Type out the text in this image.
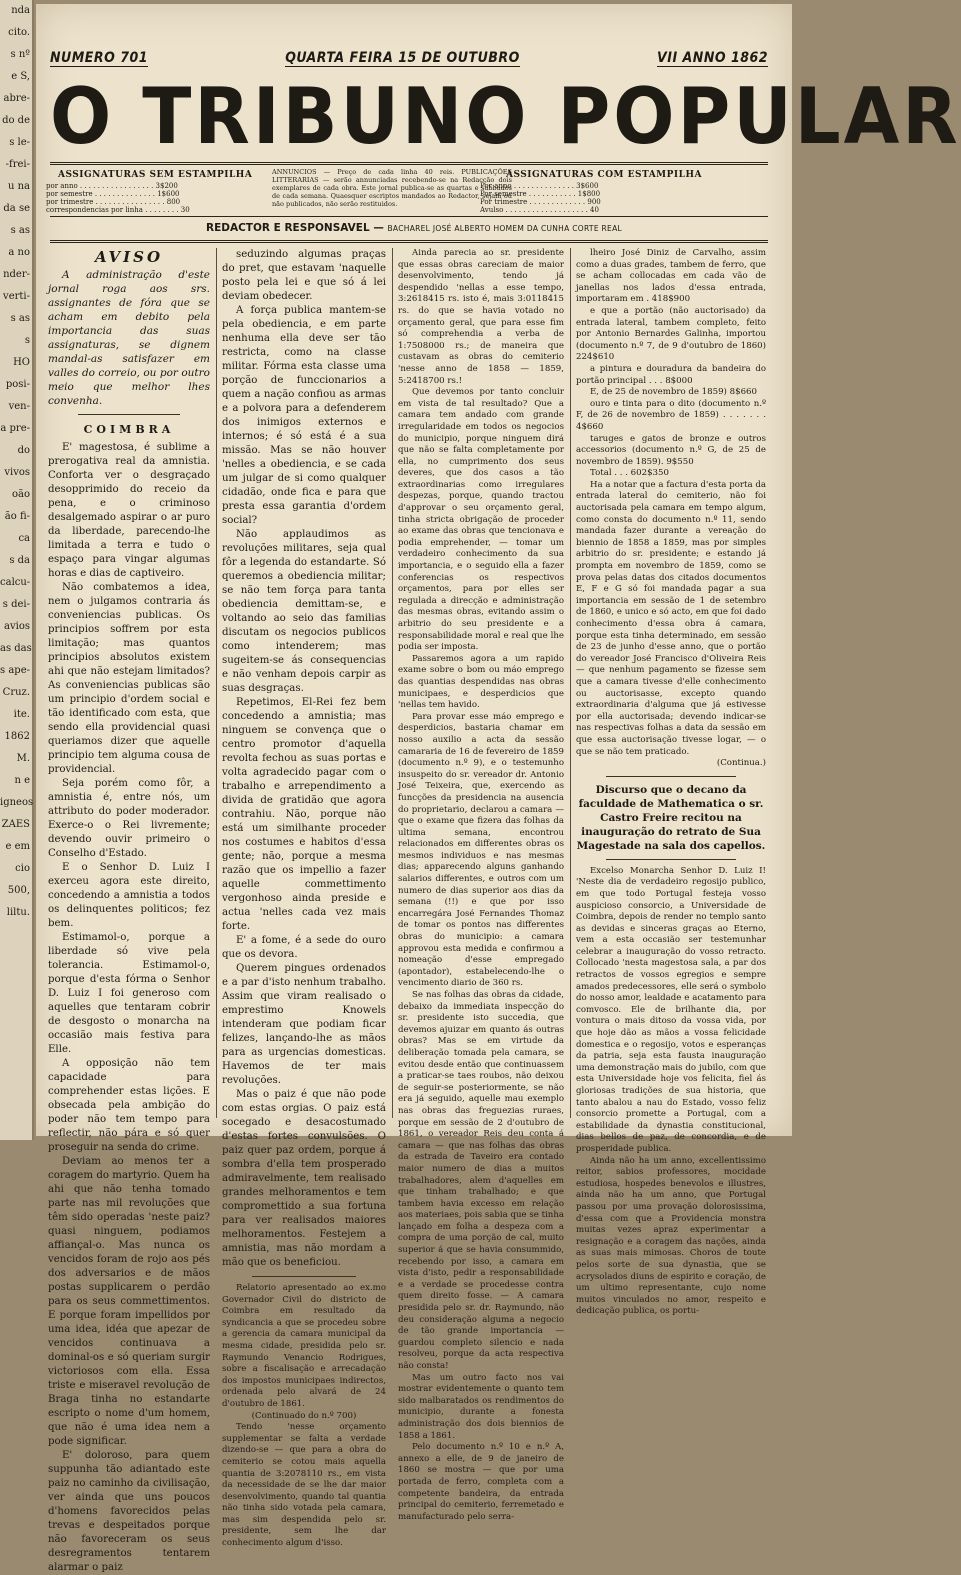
nda
cito.
s nº
e S,
abre-
do de
s le-
-frei-
u na
da se
s as
a no
nder-
verti-
s as
s
HO
posi-
ven-
a pre-
do
vivos
oão
ão fi-
ca
s da
calcu-
s dei-
avios
as das
s ape-
Cruz.
ite.
1862
M.
n e
igneos
ZAES
e em
cio
500,
liltu.
NUMERO 701	QUARTA FEIRA 15 DE OUTUBRO	VII ANNO 1862
O TRIBUNO POPULAR
ASSIGNATURAS SEM ESTAMPILHA
por anno . . . . . . . . . . . . . . . . . 3$200
por semestre . . . . . . . . . . . . . . 1$600
por trimestre . . . . . . . . . . . . . . . . 800
correspondencias por linha . . . . . . . . 30
ANNUNCIOS — Preço de cada linha 40 reis. PUBLICAÇÕES LITTERARIAS — serão annunciadas recebendo-se na Redacção dois exemplares de cada obra. Este jornal publica-se as quartas e sabbados de cada semana. Quaesquer escriptos mandados ao Redactor, sejam ou não publicados, não serão restituidos.
ASSIGNATURAS COM ESTAMPILHA
Por anno . . . . . . . . . . . . . . 3$600
Por semestre . . . . . . . . . . . 1$800
Por trimestre . . . . . . . . . . . . . 900
Avulso . . . . . . . . . . . . . . . . . . . 40
REDACTOR E RESPONSAVEL — BACHAREL JOSÉ ALBERTO HOMEM DA CUNHA CORTE REAL
AVISO

A administração d'este jornal roga aos srs. assignantes de fóra que se acham em debito pela importancia das suas assignaturas, se dignem mandal-as satisfazer em valles do correio, ou por outro meio que melhor lhes convenha.

COIMBRA

E' magestosa, é sublime a prerogativa real da amnistia. Conforta ver o desgraçado desopprimido do receio da pena, e o criminoso desalgemado aspirar o ar puro da liberdade, parecendo-lhe limitada a terra e tudo o espaço para vingar algumas horas e dias de captiveiro.

Não combatemos a idea, nem o julgamos contraria ás conveniencias publicas. Os principios soffrem por esta limitação; mas quantos principios absolutos existem ahi que não estejam limitados? As conveniencias publicas são um principio d'ordem social e tão identificado com esta, que sendo ella providencial quasi queriamos dizer que aquelle principio tem alguma cousa de providencial.

Seja porém como fôr, a amnistia é, entre nós, um attributo do poder moderador. Exerce-o o Rei livremente; devendo ouvir primeiro o Conselho d'Estado.

E o Senhor D. Luiz I exerceu agora este direito, concedendo a amnistia a todos os delinquentes politicos; fez bem.

Estimamol-o, porque a liberdade só vive pela tolerancia. Estimamol-o, porque d'esta fórma o Senhor D. Luiz I foi generoso com aquelles que tentaram cobrir de desgosto o monarcha na occasião mais festiva para Elle.

A opposição não tem capacidade para comprehender estas lições. E obsecada pela ambição do poder não tem tempo para reflectir, não pára e só quer proseguir na senda do crime.

Deviam ao menos ter a coragem do martyrio. Quem ha ahi que não tenha tomado parte nas mil revoluções que têm sido operadas 'neste paiz? quasi ninguem, podiamos affiançal-o. Mas nunca os vencidos foram de rojo aos pés dos adversarios e de mãos postas supplicarem o perdão para os seus commettimentos. E porque foram impellidos por uma idea, idéa que apezar de vencidos continuava a dominal-os e só queriam surgir victoriosos com ella. Essa triste e miseravel revolução de Braga tinha no estandarte escripto o nome d'um homem, que não é uma idea nem a pode significar.

E' doloroso, para quem suppunha tão adiantado este paiz no caminho da civilisação, ver ainda que uns poucos d'homens favorecidos pelas trevas e despeitados porque não favoreceram os seus desregramentos tentarem alarmar o paiz

seduzindo algumas praças do pret, que estavam 'naquelle posto pela lei e que só á lei deviam obedecer.

A força publica mantem-se pela obediencia, e em parte nenhuma ella deve ser tão restricta, como na classe militar. Fórma esta classe uma porção de funccionarios a quem a nação confiou as armas e a polvora para a defenderem dos inimigos externos e internos; é só está é a sua missão. Mas se não houver 'nelles a obediencia, e se cada um julgar de si como qualquer cidadão, onde fica e para que presta essa garantia d'ordem social?

Não applaudimos as revoluções militares, seja qual fôr a legenda do estandarte. Só queremos a obediencia militar; se não tem força para tanta obediencia demittam-se, e voltando ao seio das familias discutam os negocios publicos como intenderem; mas sugeitem-se ás consequencias e não venham depois carpir as suas desgraças.

Repetimos, El-Rei fez bem concedendo a amnistia; mas ninguem se convença que o centro promotor d'aquella revolta fechou as suas portas e volta agradecido pagar com o trabalho e arrependimento a divida de gratidão que agora contrahiu. Não, porque não está um similhante proceder nos costumes e habitos d'essa gente; não, porque a mesma razão que os impellio a fazer aquelle commettimento vergonhoso ainda preside e actua 'nelles cada vez mais forte.

E' a fome, é a sede do ouro que os devora.

Querem pingues ordenados e a par d'isto nenhum trabalho. Assim que viram realisado o emprestimo Knowels intenderam que podiam ficar felizes, lançando-lhe as mãos para as urgencias domesticas. Havemos de ter mais revoluções.

Mas o paiz é que não pode com estas orgias. O paiz está socegado e desacostumado d'estas fortes convulsões. O paiz quer paz ordem, porque á sombra d'ella tem prosperado admiravelmente, tem realisado grandes melhoramentos e tem compromettido a sua fortuna para ver realisados maiores melhoramentos. Festejem a amnistia, mas não mordam a mão que os beneficiou.

Relatorio apresentado ao ex.mo Governador Civil do districto de Coimbra em resultado da syndicancia a que se procedeu sobre a gerencia da camara municipal da mesma cidade, presidida pelo sr. Raymundo Venancio Rodrigues, sobre a fiscalisação e arrecadação dos impostos municipaes indirectos, ordenada pelo alvará de 24 d'outubro de 1861.

(Continuado do n.º 700)

Tendo 'nesse orçamento supplementar se falta a verdade dizendo-se — que para a obra do cemiterio se cotou mais aquella quantia de 3:2078110 rs., em vista da necessidade de se lhe dar maior desenvolvimento, quando tal quantia não tinha sido votada pela camara, mas sim despendida pelo sr. presidente, sem lhe dar conhecimento algum d'isso.

Ainda parecia ao sr. presidente que essas obras careciam de maior desenvolvimento, tendo já despendido 'nellas a esse tempo, 3:2618415 rs. isto é, mais 3:0118415 rs. do que se havia votado no orçamento geral, que para esse fim só comprehendia a verba de 1:7508000 rs.; de maneira que custavam as obras do cemiterio 'nesse anno de 1858 — 1859, 5:2418700 rs.!

Que devemos por tanto concluir em vista de tal resultado? Que a camara tem andado com grande irregularidade em todos os negocios do municipio, porque ninguem dirá que não se falta completamente por ella, no cumprimento dos seus deveres, que dos casos a tão extraordinarias como irregulares despezas, porque, quando tractou d'approvar o seu orçamento geral, tinha stricta obrigação de proceder ao exame das obras que tencionava e podia emprehender, — tomar um verdadeiro conhecimento da sua importancia, e o seguido ella a fazer conferencias os respectivos orçamentos, para por elles ser regulada a direcção e administração das mesmas obras, evitando assim o arbitrio do seu presidente e a responsabilidade moral e real que lhe podia ser imposta.

Passaremos agora a um rapido exame sobre o bom ou máo emprego das quantias despendidas nas obras municipaes, e desperdicios que 'nellas tem havido.

Para provar esse máo emprego e desperdicios, bastaria chamar em nosso auxilio a acta da sessão camararia de 16 de fevereiro de 1859 (documento n.º 9), e o testemunho insuspeito do sr. vereador dr. Antonio José Teixeira, que, exercendo as funcções da presidencia na ausencia do proprietario, declarou a camara — que o exame que fizera das folhas da ultima semana, encontrou relacionados em differentes obras os mesmos individuos e nas mesmas dias; apparecendo alguns ganhando salarios differentes, e outros com um numero de dias superior aos dias da semana (!!) e que por isso encarregára José Fernandes Thomaz de tomar os pontos nas differentes obras do municipio: a camara approvou esta medida e confirmou a nomeação d'esse empregado (apontador), estabelecendo-lhe o vencimento diario de 360 rs.

Se nas folhas das obras da cidade, debaixo da immediata inspecção do sr. presidente isto succedia, que devemos ajuizar em quanto ás outras obras? Mas se em virtude da deliberação tomada pela camara, se evitou desde então que continuassem a praticar-se taes roubos, não deixou de seguir-se posteriormente, se não era já seguido, aquelle mau exemplo nas obras das freguezias ruraes, porque em sessão de 2 d'outubro de 1861, o vereador Reis deu conta á camara — que nas folhas das obras da estrada de Taveiro era contado maior numero de dias a muitos trabalhadores, alem d'aquelles em que tinham trabalhado; e que tambem havia excesso em relação aos materiaes, pois sabia que se tinha lançado em folha a despeza com a compra de uma porção de cal, muito superior á que se havia consummido, recebendo por isso, a camara em vista d'isto, pedir a responsabilidade e a verdade se procedesse contra quem direito fosse. — A camara presidida pelo sr. dr. Raymundo, não deu consideração alguma a negocio de tão grande importancia — guardou completo silencio e nada resolveu, porque da acta respectiva não consta!

Mas um outro facto nos vai mostrar evidentemente o quanto tem sido malbaratados os rendimentos do municipio, durante a fonesta administração dos dois biennios de 1858 a 1861.

Pelo documento n.º 10 e n.º A, annexo a elle, de 9 de janeiro de 1860 se mostra — que por uma portada de ferro, completa com a competente bandeira, da entrada principal do cemiterio, ferremetado e manufacturado pelo serra-

lheiro José Diniz de Carvalho, assim como a duas grades, tambem de ferro, que se acham collocadas em cada vão de janellas nos lados d'essa entrada, importaram em . 418$900

e que a portão (não auctorisado) da entrada lateral, tambem completo, feito por Antonio Bernardes Galinha, importou (documento n.º 7, de 9 d'outubro de 1860) 224$610

a pintura e douradura da bandeira do portão principal . . . 8$000

E, de 25 de novembro de 1859) 8$660

ouro e tinta para o dito (documento n.º F, de 26 de novembro de 1859) . . . . . . . 4$660

taruges e gatos de bronze e outros accessorios (documento n.º G, de 25 de novembro de 1859). 9$550

Total . . . 602$350

Ha a notar que a factura d'esta porta da entrada lateral do cemiterio, não foi auctorisada pela camara em tempo algum, como consta do documento n.º 11, sendo mandada fazer durante a vereação do biennio de 1858 a 1859, mas por simples arbitrio do sr. presidente; e estando já prompta em novembro de 1859, como se prova pelas datas dos citados documentos E, F e G só foi mandada pagar a sua importancia em sessão de 1 de setembro de 1860, e unico e só acto, em que foi dado conhecimento d'essa obra á camara, porque esta tinha determinado, em sessão de 23 de junho d'esse anno, que o portão do vereador José Francisco d'Oliveira Reis — que nenhum pagamento se fizesse sem que a camara tivesse d'elle conhecimento ou auctorisasse, excepto quando extraordinaria d'alguma que já estivesse por ella auctorisada; devendo indicar-se nas respectivas folhas a data da sessão em que essa auctorisação tivesse logar, — o que se não tem praticado.

(Continua.)

Discurso que o decano da faculdade de Mathematica o sr. Castro Freire recitou na inauguração do retrato de Sua Magestade na sala dos capellos.

Excelso Monarcha Senhor D. Luiz I! 'Neste dia de verdadeiro regosijo publico, em que todo Portugal festeja vosso auspicioso consorcio, a Universidade de Coimbra, depois de render no templo santo as devidas e sinceras graças ao Eterno, vem a esta occasião ser testemunhar celebrar a inauguração do vosso retracto. Collocado 'nesta magestosa sala, a par dos retractos de vossos egregios e sempre amados predecessores, elle será o symbolo do nosso amor, lealdade e acatamento para comvosco. Ele de brilhante dia, por vontura o mais ditoso da vossa vida, por que hoje dão as mãos a vossa felicidade domestica e o regosijo, votos e esperanças da patria, seja esta fausta inauguração uma demonstração mais do jubilo, com que esta Universidade hoje vos felicita, fiel ás gloriosas tradições de sua historia, que tanto abalou a nau do Estado, vosso feliz consorcio promette a Portugal, com a estabilidade da dynastia constitucional, dias bellos de paz, de concordia, e de prosperidade publica.

Ainda não ha um anno, excellentissimo reitor, sabios professores, mocidade estudiosa, hospedes benevolos e illustres, ainda não ha um anno, que Portugal passou por uma provação dolorosissima, d'essa com que a Providencia monstra muitas vezes apraz experimentar a resignação e a coragem das nações, ainda as suas mais mimosas. Choros de toute pelos sorte de sua dynastia, que se acrysolados diuns de espirito e coração, de um ultimo representante, cujo nome muitos vinculados no amor, respeito e dedicação publica, os portu-
